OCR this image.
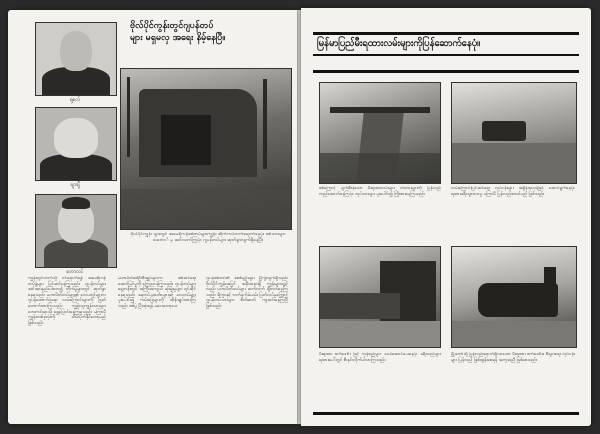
ရု့စလ်
ချာချီ
စတာလင်
ဗိုလ်ပိုင်ကွန်းတွင်ဂျပန်တပ်
များ မရှမလှ အရေး နိမ့်နေပြီ။
ဗိုလ်ပိုင်ကျွန်း များတွင် အမေရိကန်စစ်တပ်များကျွန်း ဆိုက်ကပ်တက်ရောက်နေပုံ။ စစ်သားများ သဘောင်္ မှ ဆင်းသက်ကြပုံ။ ဂျပန်တပ်များ ဆုတ်ခွာလျက်ရှိနေပြီ။
ကျွန်းတွင်းဘက်သို့ ဝင်ရောက်ရန် အမေရိကန် တပ်ဖွဲ့များ ပြင်ဆင်နေကြသည်။ ဂျပန်တပ်များ အင်အားနည်းပါးလာ၍ တိုက်ပွဲများတွင် ဆုတ်ခွာနေရသည်။ မဟာမိတ်တပ်များ၏ လေယာဉ်များက ဂျပန်ထောက်ပံ့ရေး လမ်းကြောင်းများကို ဖြတ်တောက်ထားကြသည်။ ကျွန်းသူကျွန်းသားများ ဘေးကင်းရာသို့ ရွှေ့ပြောင်းနေကြရသည်။ မကြာမီ ကျွန်းတစ်ခုလုံးကို သိမ်းပိုက်နိုင်တော့မည်ဖြစ်သည်။
မဟာမိတ်စစ်ဦးစီးချုပ်များက စစ်ဆင်ရေး အောင်မြင်မှုကို ကြေညာခဲ့ကြသည်။ ဂျပန်တပ်များ ရှေ့တန်းတွင် အကြီးအကျယ် ဆုံးရှုံးမှုများ ရင်ဆိုင်နေရသည်။ ရေတပ်သင်္ဘောများနှင့် လေတပ်များ ပူးပေါင်း၍ ကမ်းခြေများကို ထိန်းချုပ်ထားကြသည်။ စစ်ပွဲ ပြီးဆုံးရန် မဝေးတော့ပေ။
ဂျပန်စစ်တပ်၏ ခံစစ်မျဉ်းများ ပြိုကွဲလျက်ရှိသည်။ ဗိုလ်ပိုင်ကျွန်းအပြင် အနီးအနားရှိ ကျွန်းများတွင်လည်း မဟာမိတ်တပ်များ ဆက်လက် ချီတက်နေကြသည်။ ရိက္ခာနှင့် လက်နက်ခဲယမ်း ပြတ်လပ်မှုကြောင့် ဂျပန်တပ်သားများ စိတ်ဓာတ် ကျဆင်းနေကြပြီ ဖြစ်သည်။
မြန်မာပြည်မီးရထားလမ်းများကိုပြန်ဆောက်နေပုံ။
စစ်ကြောင့် ပျက်စီးခဲ့သော မီးရထားလမ်းများ တံတားများကို ပြန်လည်တည်ဆောက်နေကြပုံ။ လုပ်သားများ ပူးပေါင်း၍ ကြိုးစားနေကြသည်။
လမ်းကြောင်းပြင်ဆင်ရေး လုပ်ငန်းများ အရှိန်အဟုန်ဖြင့် ဆောင်ရွက်နေပုံ။ ရထားခရီးသွားလာမှု မကြာမီ ပြန်လည်စတင်မည် ဖြစ်သည်။
မီးရထား စက်ခေါင်း ဖြင့် ကုန်စည်များ သယ်ဆောင်ပေးနေပုံ။ ခရီးသည်များ ရထားပေါ်တွင် စီးနင်းလိုက်ပါလာကြသည်။
မြို့တော်သို့ ပြန်လည်ရောက်ရှိလာသော မီးရထား စက်ခေါင်း။ စီးပွားရေး လုပ်ငန်းများ ပြန်လည် ဖြစ်ထွန်းစေရန် အကူအညီ ဖြစ်စေသည်။
